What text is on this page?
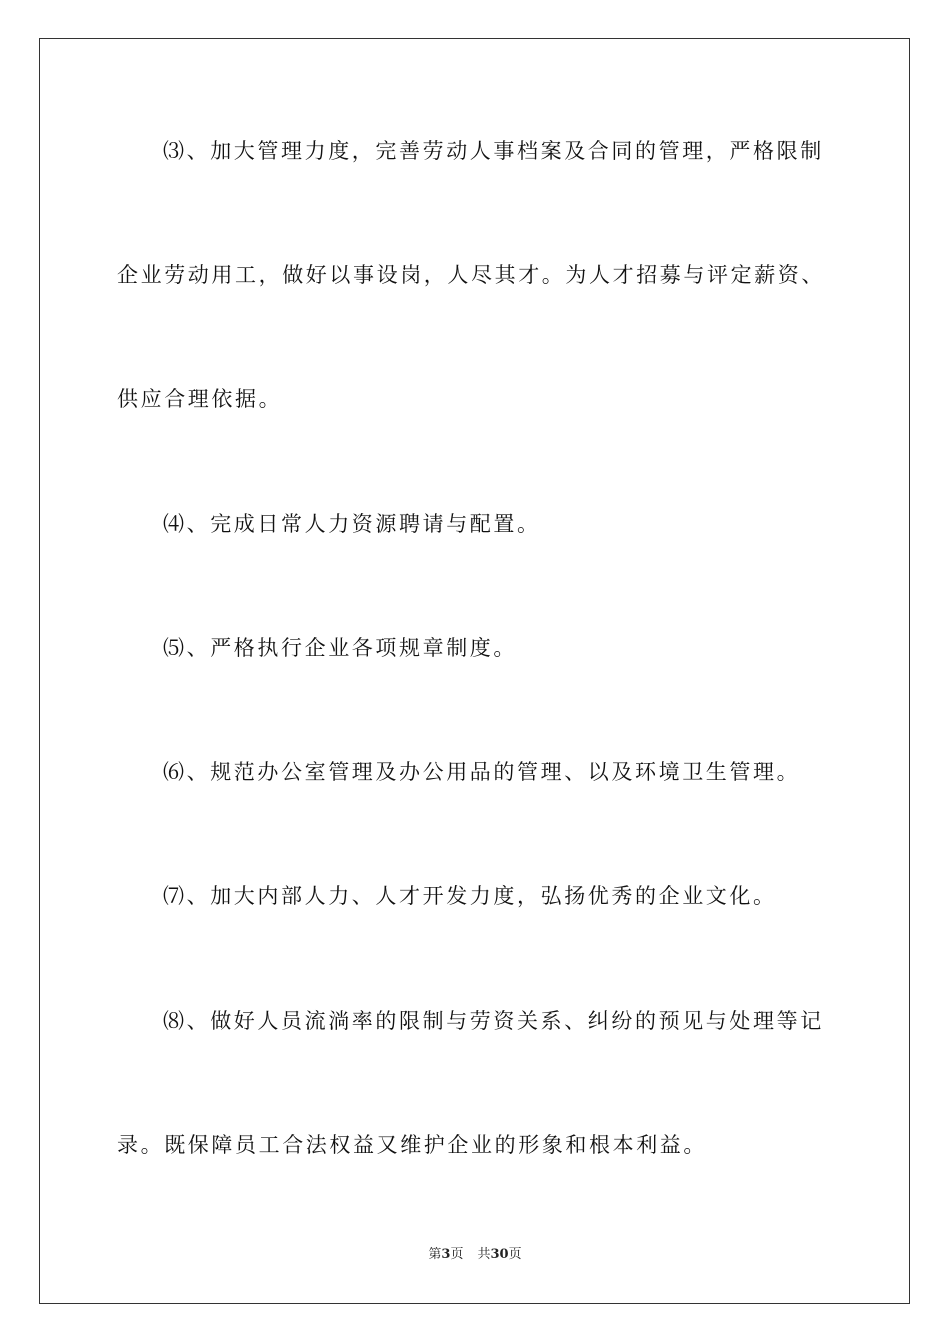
⑶、加大管理力度，完善劳动人事档案及合同的管理，严格限制
企业劳动用工，做好以事设岗，人尽其才。为人才招募与评定薪资、
供应合理依据。
⑷、完成日常人力资源聘请与配置。
⑸、严格执行企业各项规章制度。
⑹、规范办公室管理及办公用品的管理、以及环境卫生管理。
⑺、加大内部人力、人才开发力度，弘扬优秀的企业文化。
⑻、做好人员流淌率的限制与劳资关系、纠纷的预见与处理等记
录。既保障员工合法权益又维护企业的形象和根本利益。
第3页 共30页
